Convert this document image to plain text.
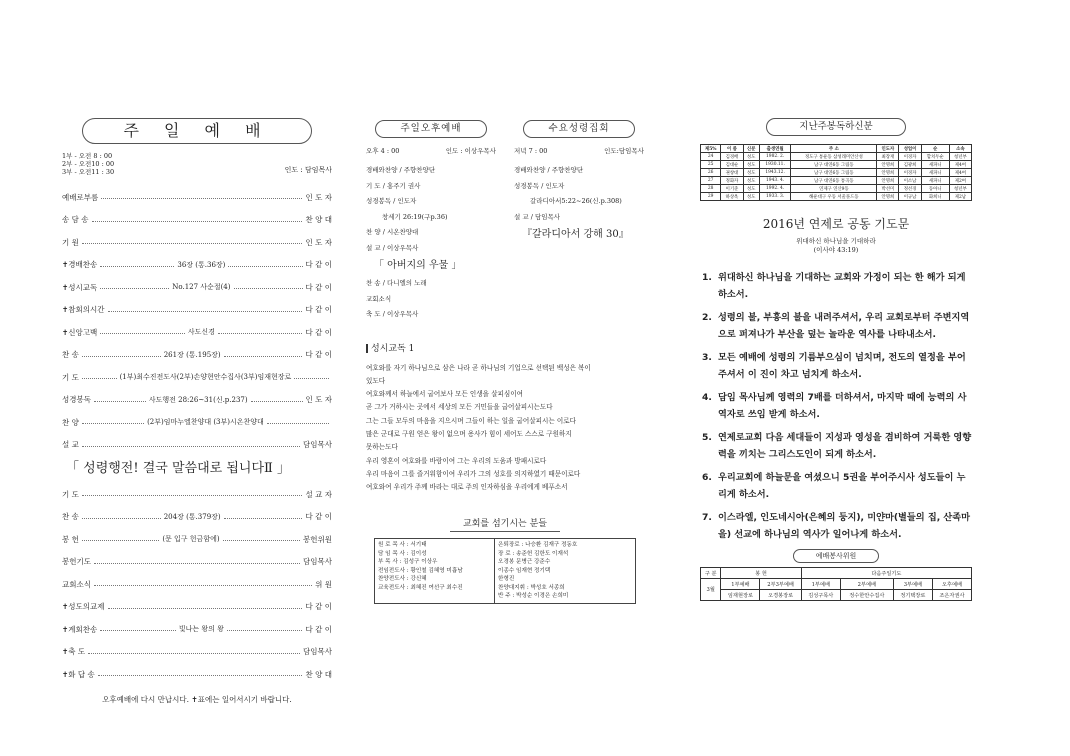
주 일 예 배
1부 - 오전 8 : 00
2부 - 오전10 : 00
3부 - 오전11 : 30	인도 : 담임목사
예배로부름	인 도 자
송 담 송	찬 양 대
기 원	인 도 자
✝경배찬송	36장 (통.36장)	다 같 이
✝성시교독	No.127 사순절(4)	다 같 이
✝참회의시간	다 같 이
✝신앙고백	사도신경	다 같 이
찬 송	261장 (통.195장)	다 같 이
기 도	(1부)최수진전도사(2부)손양현안수집사(3부)임재현장로
성경봉독	사도행전 28:26~31(신.p.237)	인 도 자
찬 양	(2부)임마누엘찬양대 (3부)시온찬양대
설 교	담임목사
「 성령행전! 결국 말씀대로 됩니다Ⅱ 」
기 도	설 교 자
찬 송	204장 (통.379장)	다 같 이
봉 헌	(문 입구 헌금함에)	봉헌위원
봉헌기도	담임목사
교회소식	위 원
✝성도의교제	다 같 이
✝계회찬송	빛나는 왕의 왕	다 같 이
✝축 도	담임목사
✝화 답 송	찬 양 대
오후예배에 다시 만납시다. ✝표에는 일어서시기 바랍니다.
주일오후예배
오후 4 : 00	인도 : 이상우목사
경배와찬양 / 주향찬양단
기 도 / 홍주기 권사
성경봉독 / 인도자
창세기 26:19(구p.36)
찬 양 / 시온찬양대
설 교 / 이상우목사
「 아버지의 우물 」
찬 송 / 다니엘의 노래
교회소식
축 도 / 이상우목사
수요성령집회
저녁 7 : 00	인도:담임목사
경배와찬양 / 주향찬양단
성경봉독 / 인도자
갈라디아서5:22~26(신.p.308)
설 교 / 담임목사
『갈라디아서 강해 30』
성시교독 1
여호와를 자기 하나님으로 삼은 나라 곧 하나님의 기업으로 선택된 백성은 복이
있도다
여호와께서 하늘에서 굽어보사 모든 인생을 살피심이여
곧 그가 거하시는 곳에서 세상의 모든 거민들을 굽어살피시는도다
그는 그들 모두의 마음을 지으시며 그들이 하는 일을 굽어살피시는 이로다
많은 군대로 구원 얻은 왕이 없으며 용사가 힘이 세어도 스스로 구원하지
못하는도다
우리 영혼이 여호와를 바람이여 그는 우리의 도움과 방패시로다
우리 마음이 그를 즐거워함이여 우리가 그의 성호를 의지하였기 때문이로다
여호와여 우리가 주께 바라는 대로 주의 인자하심을 우리에게 베푸소서
교회를 섬기시는 분들
원 로 목 사 : 서기태
담 임 목 사 : 김이성
부 목 사 : 김성구 이상우
전임전도사 : 황인철 김혜영 미흡남
찬양전도사 : 강신혜
교육전도사 : 최혜진 여선구 최수진

은퇴장로 : 나승환 김재구 정동호
장 로 : 송준헌 김한도 이재석
오경봉 문병근 강준수
이종수 임재현 정기택
한형진
찬양대지휘 : 박성호 서종희
반 주 : 박성순 이경은 손희미
지난주봉독하신분
제5%	이 름	신분	출생연월	주 소	인도자	성업이	순	소속
24	김경배	성도	1982. 2.	정도구 통운동 삼성래미안산성	최장재	이경자	합치두순	청년부
25	김대순	성도	1930.11.	남구 대연6동 그림동	안명희	김광희	새파니	제4여
26	권창대	성도	1943.12.	남구 대연6동 그림동	안명희	이경자	새파니	제4여
27	정화자	성도	1943. 4.	남구 대연6동 통곡동	안명희	이소남	새파니	제2여
28	이기준	성도	1992. 4.	연제구 연산9동	박선미	정선경	동아니	청년부
29	하상옥	성도	1933. 3.	해운대구 우동 서울플드동	안명희	이규남	화희니	제2남
2016년 연제로 공동 기도문
위대하신 하나님을 기대하라
(이사야 43:19)
1. 위대하신 하나님을 기대하는 교회와 가정이 되는 한 해가 되게 하소서.
2. 성령의 불, 부흥의 불을 내려주셔서, 우리 교회로부터 주변지역으로 퍼져나가 부산을 덮는 놀라운 역사를 나타내소서.
3. 모든 예배에 성령의 기름부으심이 넘치며, 전도의 열정을 부어주셔서 이 진이 차고 넘치게 하소서.
4. 담임 목사님께 영력의 7배를 더하셔서, 마지막 때에 능력의 사역자로 쓰임 받게 하소서.
5. 연제로교회 다음 세대들이 지성과 영성을 겸비하여 거룩한 영향력을 끼치는 그리스도인이 되게 하소서.
6. 우리교회에 하늘문을 여셨으니 5권을 부어주시사 성도들이 누리게 하소서.
7. 이스라엘, 인도네시아(은혜의 둥지), 미얀마(별들의 집, 산족마을) 선교에 하나님의 역사가 일어나게 하소서.
예배봉사위원
구 분	봉 헌		다음주일기도			
3월	1부예배	2부3부예배	1부예배	2부예배	3부예배	오후예배
	임재현장로	오경봉장로	김성구목사	정수한안수집사	정기택장로	조은자권사
